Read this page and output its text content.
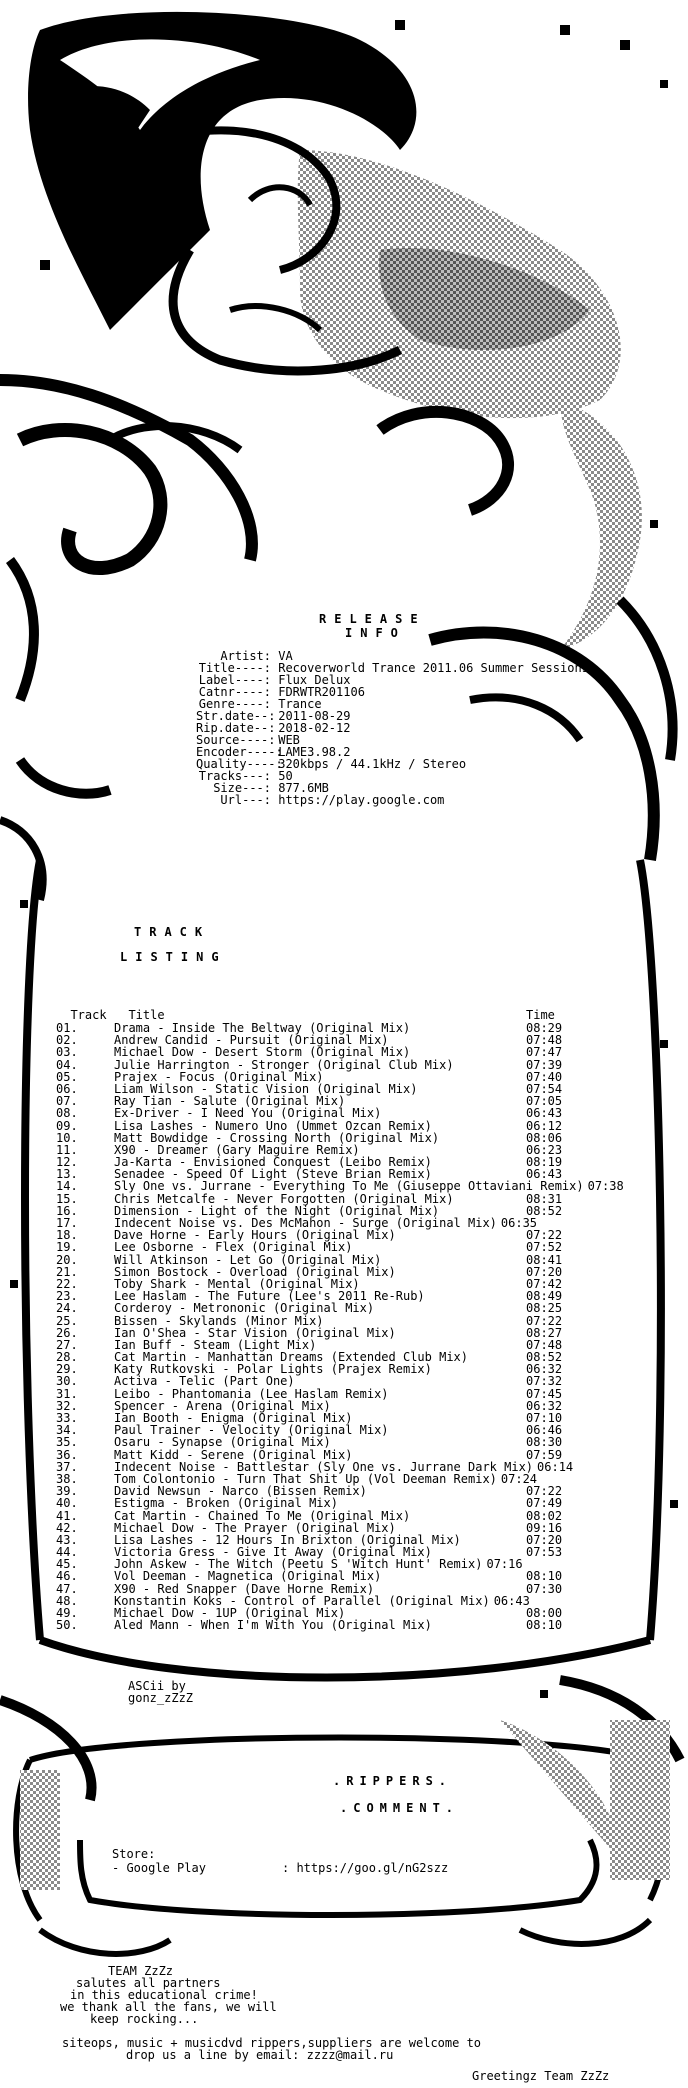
RELEASE
INFO
Artist: VA
Title----: Recoverworld Trance 2011.06 Summer Sessions
Label----: Flux Delux
Catnr----: FDRWTR201106
Genre----: Trance
Str.date--: 2011-08-29
Rip.date--: 2018-02-12
Source----: WEB
Encoder----: LAME3.98.2
Quality----: 320kbps / 44.1kHz / Stereo
Tracks---: 50
Size---: 877.6MB
Url---: https://play.google.com
TRACK
LISTING

Track Title	Time

01.	Drama - Inside The Beltway (Original Mix)	08:29
02.	Andrew Candid - Pursuit (Original Mix)	07:48
03.	Michael Dow - Desert Storm (Original Mix)	07:47
04.	Julie Harrington - Stronger (Original Club Mix)	07:39
05.	Prajex - Focus (Original Mix)	07:40
06.	Liam Wilson - Static Vision (Original Mix)	07:54
07.	Ray Tian - Salute (Original Mix)	07:05
08.	Ex-Driver - I Need You (Original Mix)	06:43
09.	Lisa Lashes - Numero Uno (Ummet Ozcan Remix)	06:12
10.	Matt Bowdidge - Crossing North (Original Mix)	08:06
11.	X90 - Dreamer (Gary Maguire Remix)	06:23
12.	Ja-Karta - Envisioned Conquest (Leibo Remix)	08:19
13.	Senadee - Speed Of Light (Steve Brian Remix)	06:43
14.	Sly One vs. Jurrane - Everything To Me (Giuseppe Ottaviani Remix) 07:38
15.	Chris Metcalfe - Never Forgotten (Original Mix)	08:31
16.	Dimension - Light of the Night (Original Mix)	08:52
17.	Indecent Noise vs. Des McMahon - Surge (Original Mix) 06:35
18.	Dave Horne - Early Hours (Original Mix)	07:22
19.	Lee Osborne - Flex (Original Mix)	07:52
20.	Will Atkinson - Let Go (Original Mix)	08:41
21.	Simon Bostock - Overload (Original Mix)	07:20
22.	Toby Shark - Mental (Original Mix)	07:42
23.	Lee Haslam - The Future (Lee's 2011 Re-Rub)	08:49
24.	Corderoy - Metrononic (Original Mix)	08:25
25.	Bissen - Skylands (Minor Mix)	07:22
26.	Ian O'Shea - Star Vision (Original Mix)	08:27
27.	Ian Buff - Steam (Light Mix)	07:48
28.	Cat Martin - Manhattan Dreams (Extended Club Mix)	08:52
29.	Katy Rutkovski - Polar Lights (Prajex Remix)	06:32
30.	Activa - Telic (Part One)	07:32
31.	Leibo - Phantomania (Lee Haslam Remix)	07:45
32.	Spencer - Arena (Original Mix)	06:32
33.	Ian Booth - Enigma (Original Mix)	07:10
34.	Paul Trainer - Velocity (Original Mix)	06:46
35.	Osaru - Synapse (Original Mix)	08:30
36.	Matt Kidd - Serene (Original Mix)	07:59
37.	Indecent Noise - Battlestar (Sly One vs. Jurrane Dark Mix) 06:14
38.	Tom Colontonio - Turn That Shit Up (Vol Deeman Remix) 07:24
39.	David Newsun - Narco (Bissen Remix)	07:22
40.	Estigma - Broken (Original Mix)	07:49
41.	Cat Martin - Chained To Me (Original Mix)	08:02
42.	Michael Dow - The Prayer (Original Mix)	09:16
43.	Lisa Lashes - 12 Hours In Brixton (Original Mix)	07:20
44.	Victoria Gress - Give It Away (Original Mix)	07:53
45.	John Askew - The Witch (Peetu S 'Witch Hunt' Remix) 07:16
46.	Vol Deeman - Magnetica (Original Mix)	08:10
47.	X90 - Red Snapper (Dave Horne Remix)	07:30
48.	Konstantin Koks - Control of Parallel (Original Mix) 06:43
49.	Michael Dow - 1UP (Original Mix)	08:00
50.	Aled Mann - When I'm With You (Original Mix)	08:10
ASCii by
gonz_zZzZ
.RIPPERS.
.COMMENT.
Store:
- Google Play	: https://goo.gl/nG2szz
TEAM ZzZz
salutes all partners
in this educational crime!
we thank all the fans, we will
keep rocking...
siteops, music + musicdvd rippers,suppliers are welcome to
drop us a line by email: zzzz@mail.ru
Greetingz Team ZzZz
